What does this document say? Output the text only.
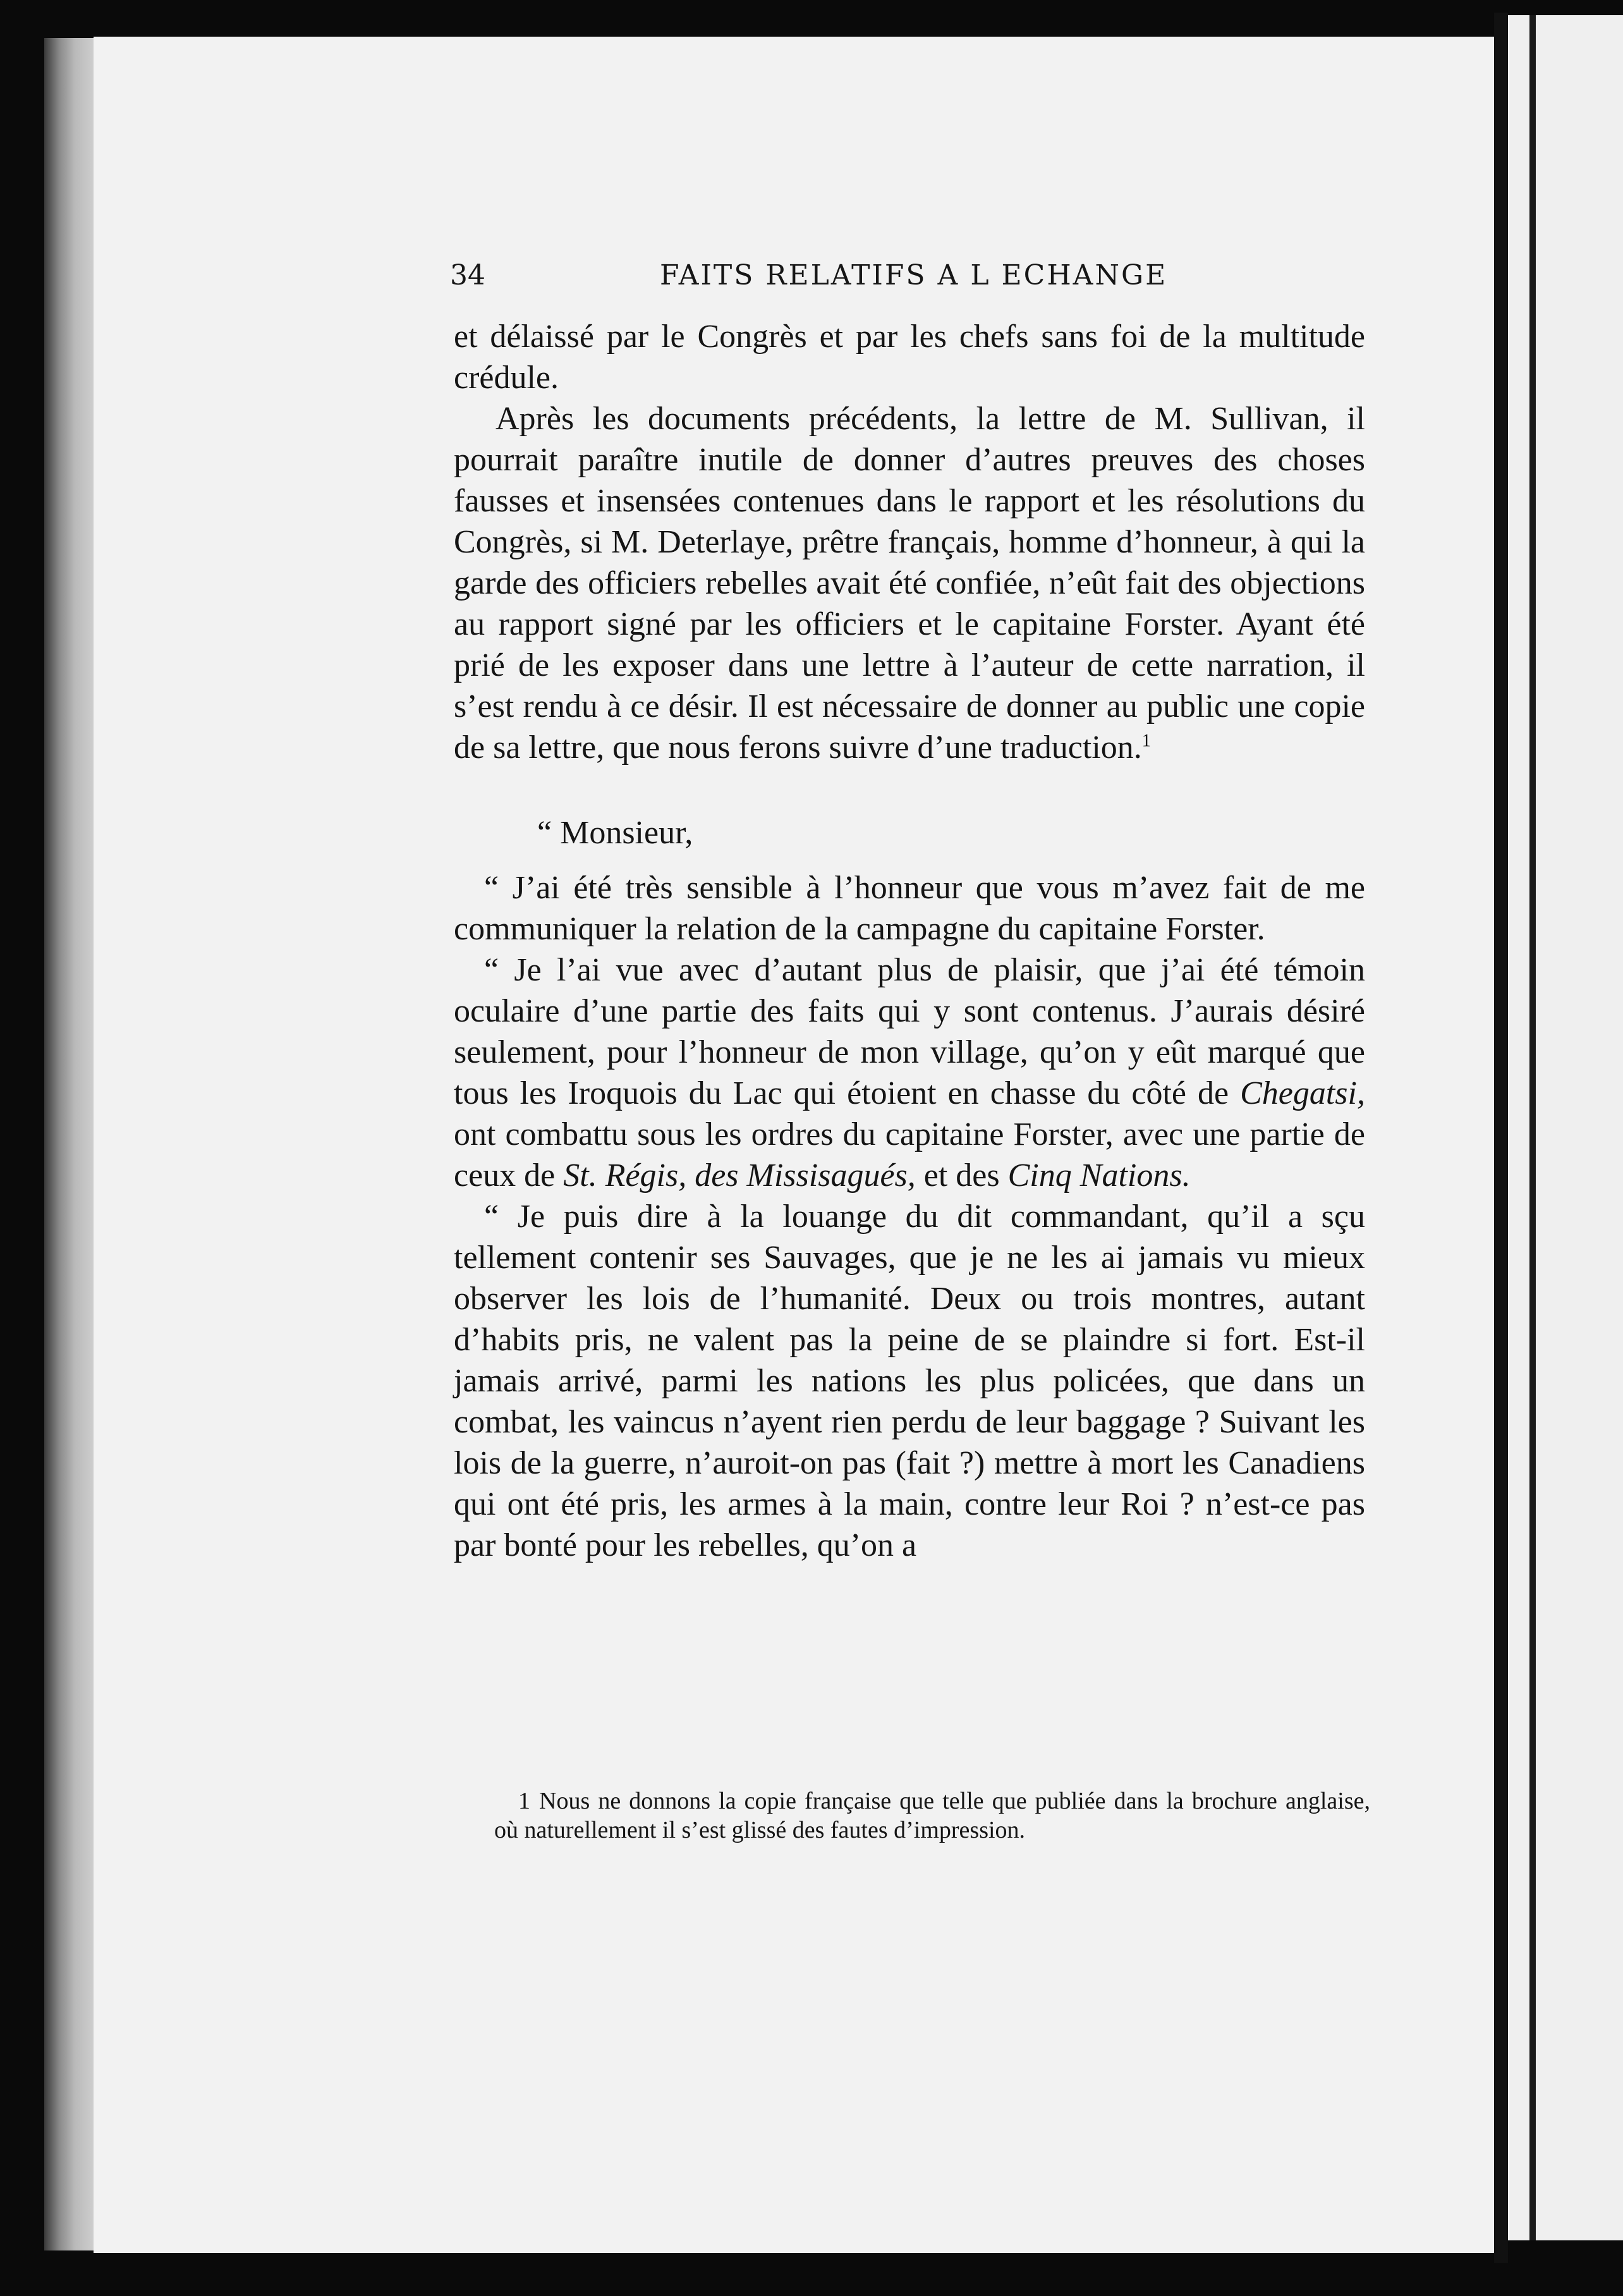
34	FAITS RELATIFS A L ECHANGE

et délaissé par le Congrès et par les chefs sans foi de la multitude crédule.

Après les documents précédents, la lettre de M. Sullivan, il pourrait paraître inutile de donner d’autres preuves des choses fausses et insensées contenues dans le rapport et les résolutions du Congrès, si M. Deterlaye, prêtre français, homme d’honneur, à qui la garde des officiers rebelles avait été confiée, n’eût fait des objections au rapport signé par les officiers et le capitaine Forster. Ayant été prié de les exposer dans une lettre à l’auteur de cette narration, il s’est rendu à ce désir. Il est nécessaire de donner au public une copie de sa lettre, que nous ferons suivre d’une traduction.$^1$

“ Monsieur,

“ J’ai été très sensible à l’honneur que vous m’avez fait de me communiquer la relation de la campagne du capitaine Forster.

“ Je l’ai vue avec d’autant plus de plaisir, que j’ai été témoin oculaire d’une partie des faits qui y sont contenus. J’aurais désiré seulement, pour l’honneur de mon village, qu’on y eût marqué que tous les Iroquois du Lac qui étoient en chasse du côté de Chegatsi, ont combattu sous les ordres du capitaine Forster, avec une partie de ceux de St. Régis, des Missisagués, et des Cinq Nations.

“ Je puis dire à la louange du dit commandant, qu’il a sçu tellement contenir ses Sauvages, que je ne les ai jamais vu mieux observer les lois de l’humanité. Deux ou trois montres, autant d’habits pris, ne valent pas la peine de se plaindre si fort. Est-il jamais arrivé, parmi les nations les plus policées, que dans un combat, les vaincus n’ayent rien perdu de leur baggage ? Suivant les lois de la guerre, n’auroit-on pas (fait ?) mettre à mort les Canadiens qui ont été pris, les armes à la main, contre leur Roi ? n’est-ce pas par bonté pour les rebelles, qu’on a

1 Nous ne donnons la copie française que telle que publiée dans la brochure anglaise, où naturellement il s’est glissé des fautes d’impression.
